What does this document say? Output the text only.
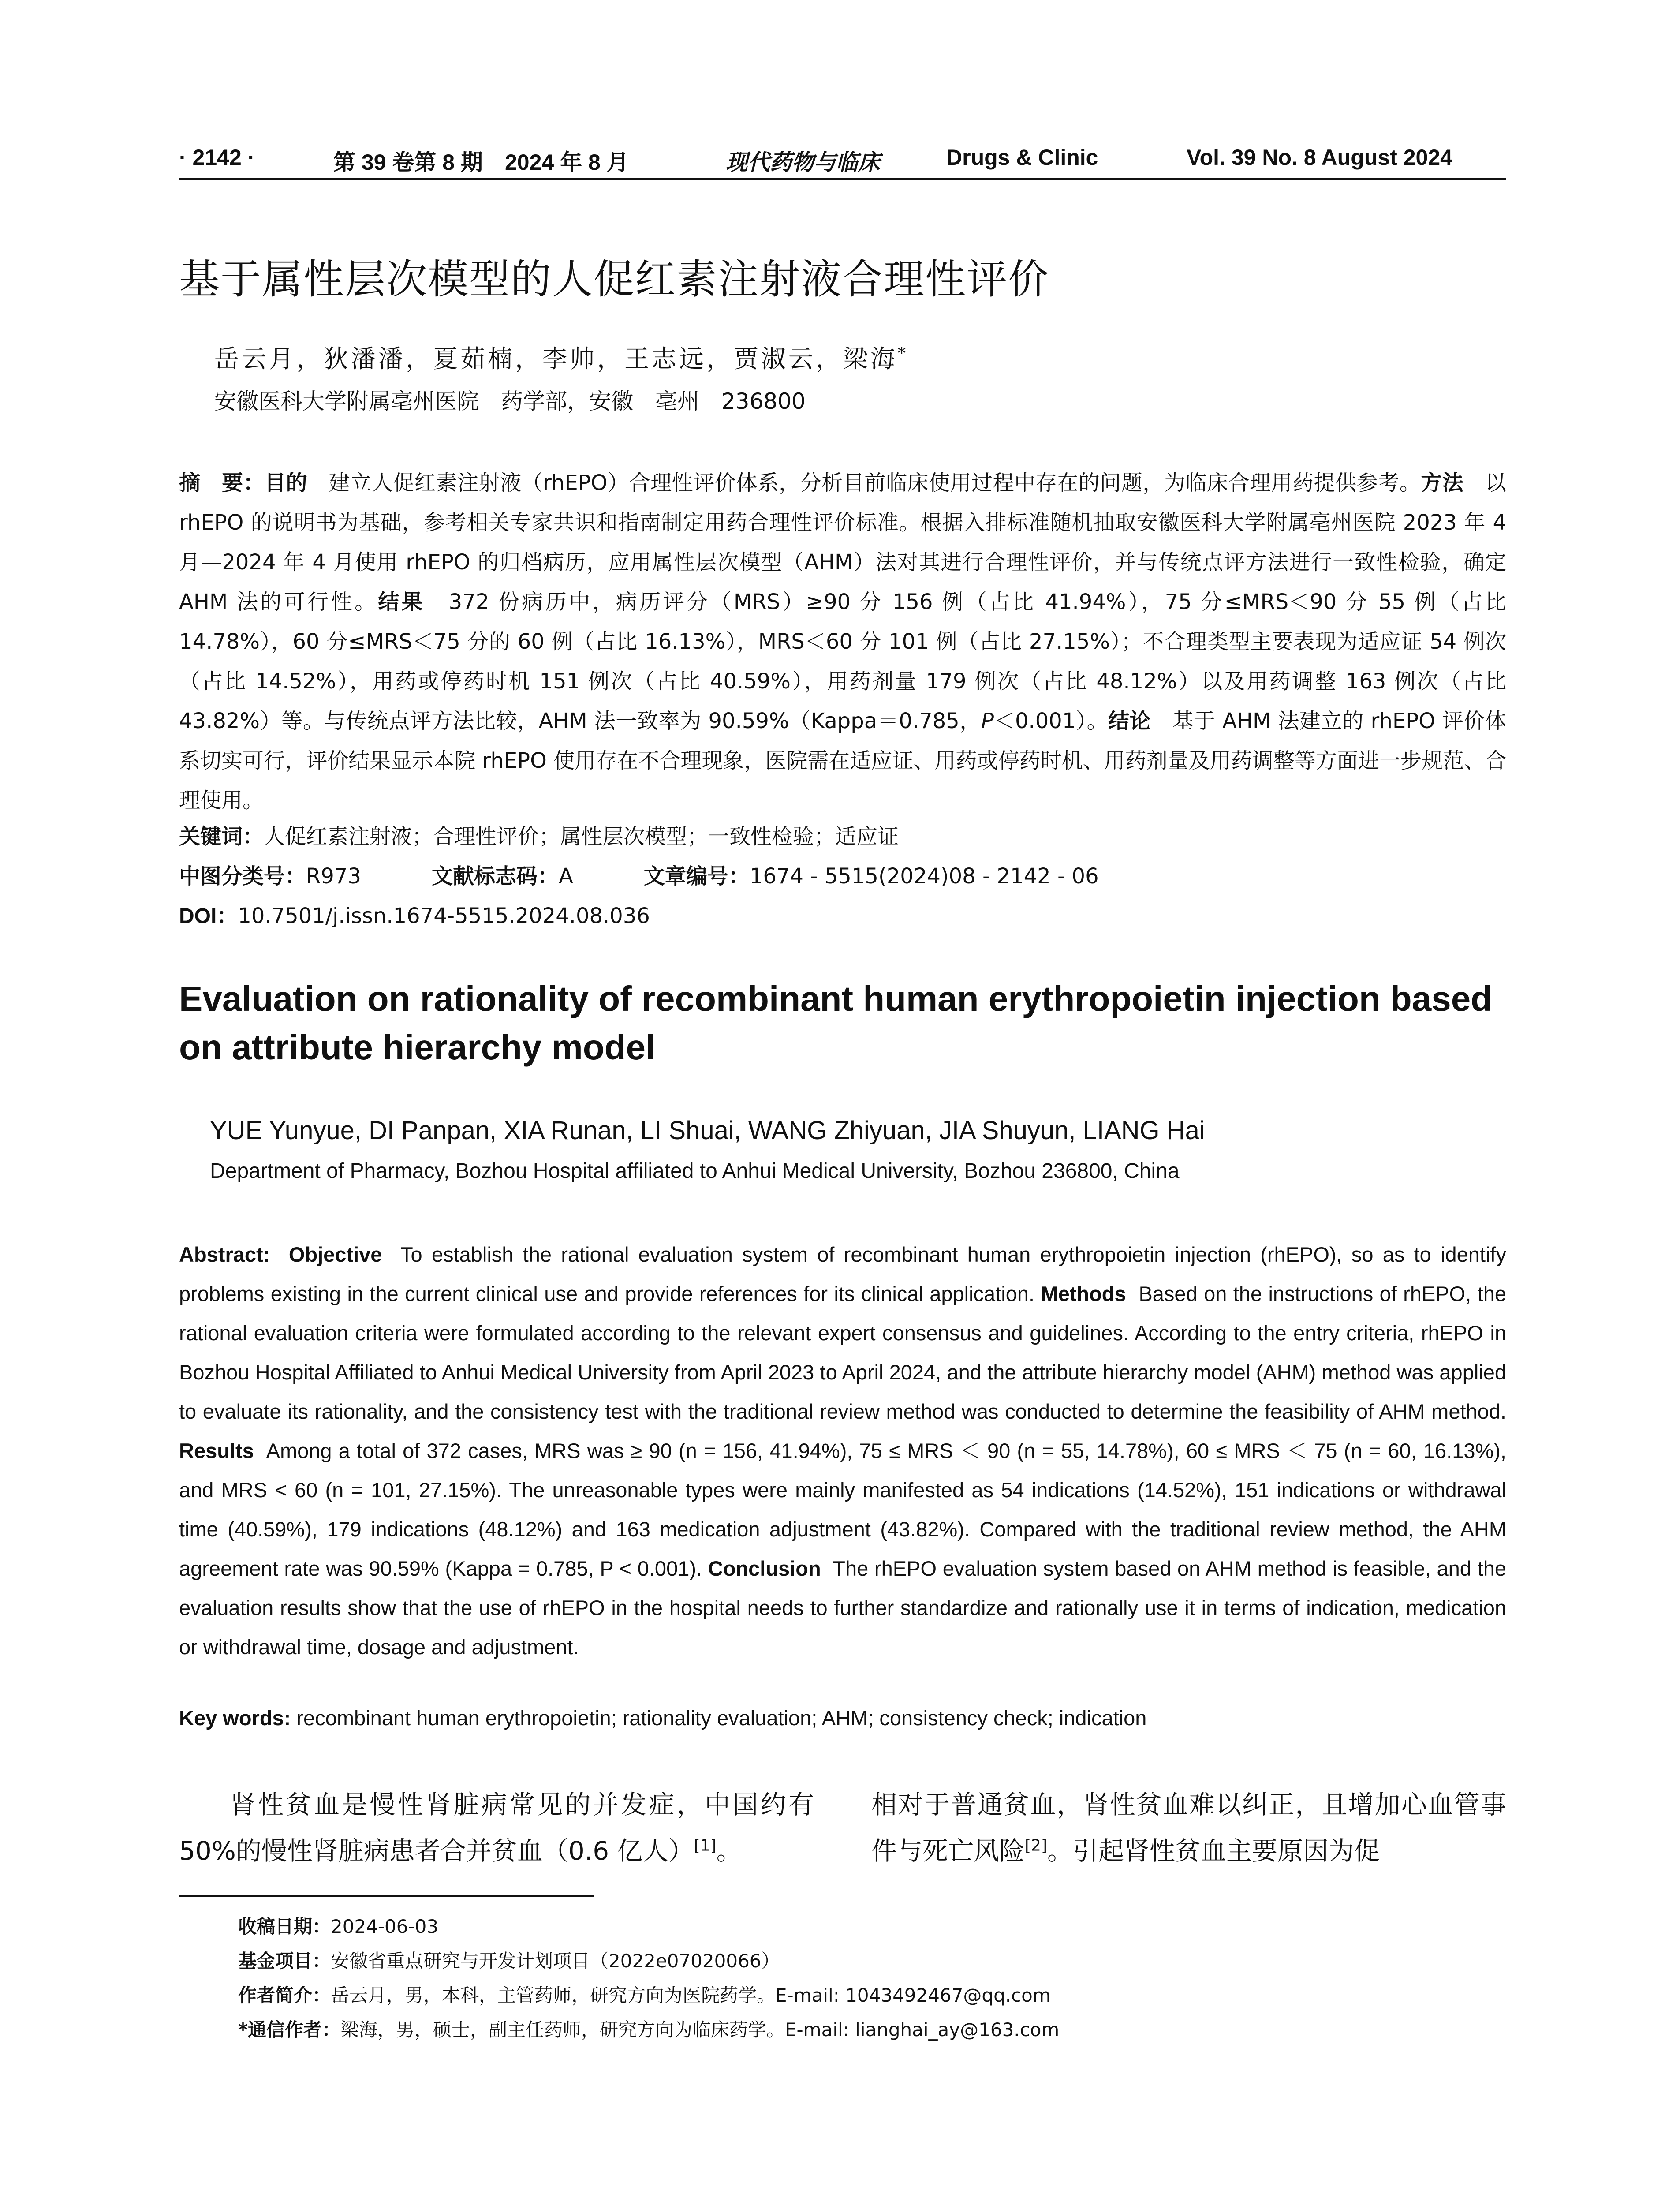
· 2142 ·	第 39 卷第 8 期　2024 年 8 月	现代药物与临床	Drugs & Clinic	Vol. 39 No. 8 August 2024
基于属性层次模型的人促红素注射液合理性评价
岳云月，狄潘潘，夏茹楠，李帅，王志远，贾淑云，梁海*
安徽医科大学附属亳州医院　药学部，安徽　亳州　236800
摘　要：目的　 建立人促红素注射液（rhEPO）合理性评价体系，分析目前临床使用过程中存在的问题，为临床合理用药提供参考。方法　 以 rhEPO 的说明书为基础，参考相关专家共识和指南制定用药合理性评价标准。根据入排标准随机抽取安徽医科大学附属亳州医院 2023 年 4 月—2024 年 4 月使用 rhEPO 的归档病历，应用属性层次模型（AHM）法对其进行合理性评价，并与传统点评方法进行一致性检验，确定 AHM 法的可行性。结果　 372 份病历中，病历评分（MRS）≥90 分 156 例（占比 41.94%），75 分≤MRS＜90 分 55 例（占比 14.78%），60 分≤MRS＜75 分的 60 例（占比 16.13%），MRS＜60 分 101 例（占比 27.15%）；不合理类型主要表现为适应证 54 例次（占比 14.52%），用药或停药时机 151 例次（占比 40.59%），用药剂量 179 例次（占比 48.12%）以及用药调整 163 例次（占比 43.82%）等。与传统点评方法比较，AHM 法一致率为 90.59%（Kappa＝0.785，P＜0.001）。结论　 基于 AHM 法建立的 rhEPO 评价体系切实可行，评价结果显示本院 rhEPO 使用存在不合理现象，医院需在适应证、用药或停药时机、用药剂量及用药调整等方面进一步规范、合理使用。
关键词：人促红素注射液；合理性评价；属性层次模型；一致性检验；适应证
中图分类号：R973	文献标志码：A	文章编号：1674 - 5515(2024)08 - 2142 - 06
DOI：10.7501/j.issn.1674-5515.2024.08.036
Evaluation on rationality of recombinant human erythropoietin injection based on attribute hierarchy model
YUE Yunyue, DI Panpan, XIA Runan, LI Shuai, WANG Zhiyuan, JIA Shuyun, LIANG Hai
Department of Pharmacy, Bozhou Hospital affiliated to Anhui Medical University, Bozhou 236800, China
Abstract: Objective To establish the rational evaluation system of recombinant human erythropoietin injection (rhEPO), so as to identify problems existing in the current clinical use and provide references for its clinical application. Methods Based on the instructions of rhEPO, the rational evaluation criteria were formulated according to the relevant expert consensus and guidelines. According to the entry criteria, rhEPO in Bozhou Hospital Affiliated to Anhui Medical University from April 2023 to April 2024, and the attribute hierarchy model (AHM) method was applied to evaluate its rationality, and the consistency test with the traditional review method was conducted to determine the feasibility of AHM method. Results Among a total of 372 cases, MRS was ≥ 90 (n = 156, 41.94%), 75 ≤ MRS ＜ 90 (n = 55, 14.78%), 60 ≤ MRS ＜ 75 (n = 60, 16.13%), and MRS < 60 (n = 101, 27.15%). The unreasonable types were mainly manifested as 54 indications (14.52%), 151 indications or withdrawal time (40.59%), 179 indications (48.12%) and 163 medication adjustment (43.82%). Compared with the traditional review method, the AHM agreement rate was 90.59% (Kappa = 0.785, P < 0.001). Conclusion The rhEPO evaluation system based on AHM method is feasible, and the evaluation results show that the use of rhEPO in the hospital needs to further standardize and rationally use it in terms of indication, medication or withdrawal time, dosage and adjustment.
Key words: recombinant human erythropoietin; rationality evaluation; AHM; consistency check; indication
肾性贫血是慢性肾脏病常见的并发症，中国约有 50%的慢性肾脏病患者合并贫血（0.6 亿人）[1]。
相对于普通贫血，肾性贫血难以纠正，且增加心血管事件与死亡风险[2]。引起肾性贫血主要原因为促
收稿日期：2024-06-03
基金项目：安徽省重点研究与开发计划项目（2022e07020066）
作者简介：岳云月，男，本科，主管药师，研究方向为医院药学。E-mail: 1043492467@qq.com
*通信作者：梁海，男，硕士，副主任药师，研究方向为临床药学。E-mail: lianghai_ay@163.com
